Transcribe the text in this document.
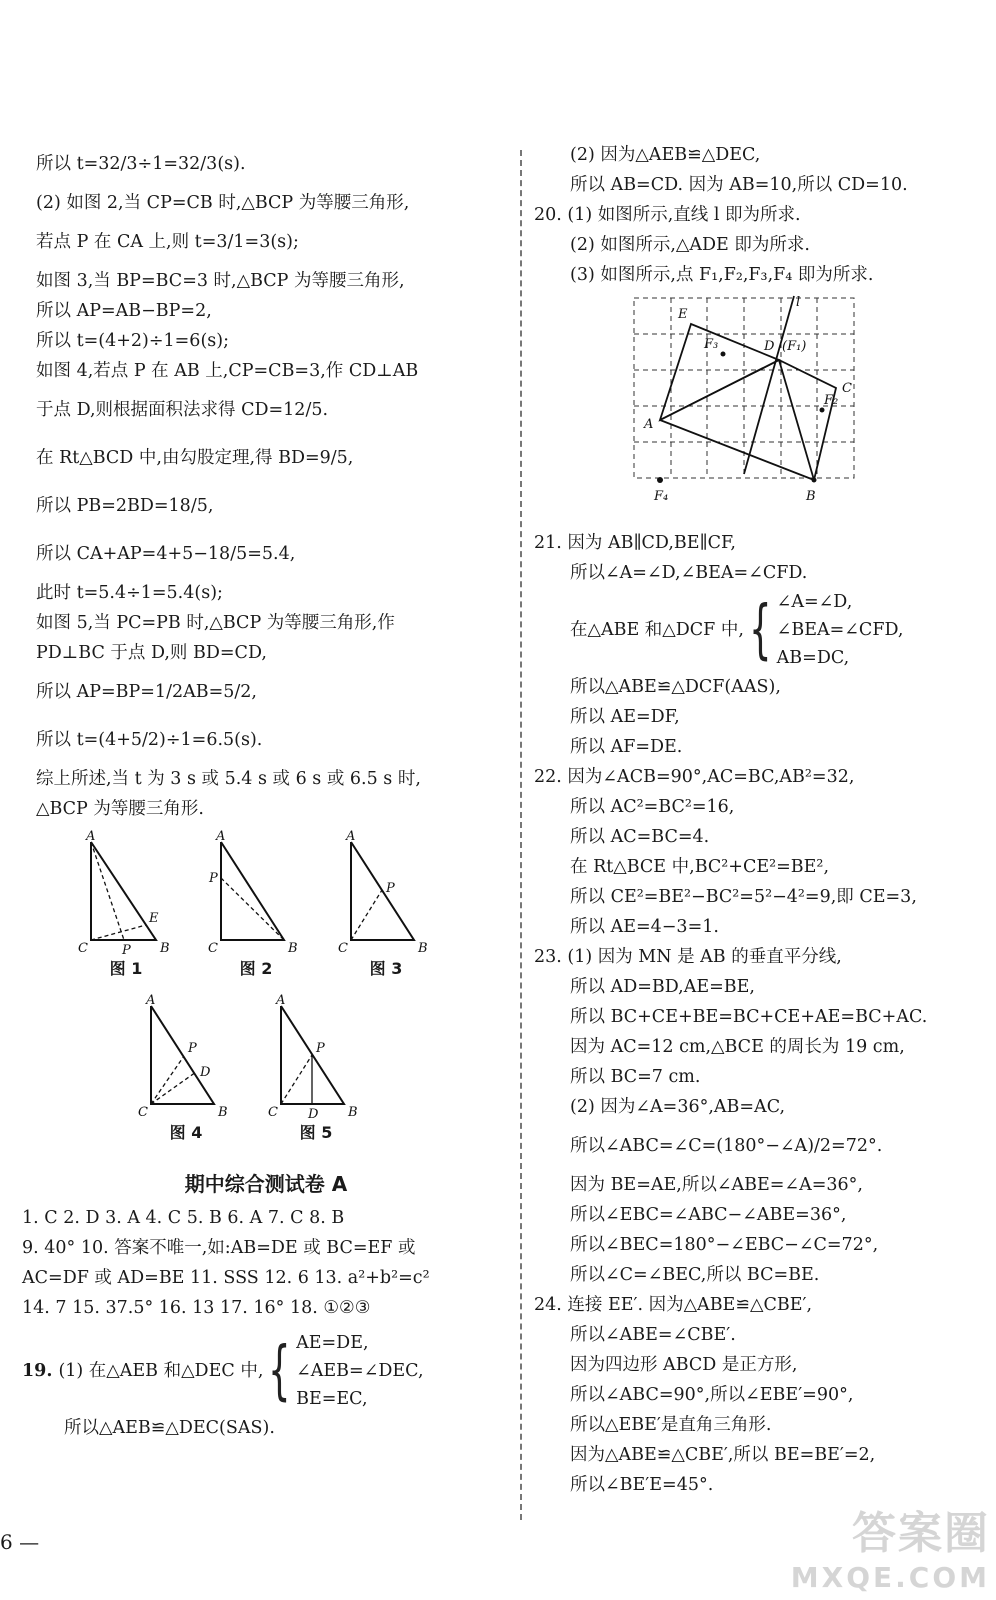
所以 t=32/3÷1=32/3(s).
(2) 如图 2,当 CP=CB 时,△BCP 为等腰三角形,
若点 P 在 CA 上,则 t=3/1=3(s);
如图 3,当 BP=BC=3 时,△BCP 为等腰三角形,
所以 AP=AB−BP=2,
所以 t=(4+2)÷1=6(s);
如图 4,若点 P 在 AB 上,CP=CB=3,作 CD⊥AB
于点 D,则根据面积法求得 CD=12/5.
在 Rt△BCD 中,由勾股定理,得 BD=9/5,
所以 PB=2BD=18/5,
所以 CA+AP=4+5−18/5=5.4,
此时 t=5.4÷1=5.4(s);
如图 5,当 PC=PB 时,△BCP 为等腰三角形,作
PD⊥BC 于点 D,则 BD=CD,
所以 AP=BP=1/2AB=5/2,
所以 t=(4+5/2)÷1=6.5(s).
综上所述,当 t 为 3 s 或 5.4 s 或 6 s 或 6.5 s 时,
△BCP 为等腰三角形.
A
C	P B
E
图 1
A
C
P
B
图 2
A
C
P
B
图 3
A
C
P
D
B
图 4
A
C
P
D B
图 5
期中综合测试卷 A
1. C 2. D 3. A 4. C 5. B 6. A 7. C 8. B
9. 40° 10. 答案不唯一,如:AB=DE 或 BC=EF 或
AC=DF 或 AD=BE 11. SSS 12. 6 13. a²+b²=c²
14. 7 15. 37.5° 16. 13 17. 16° 18. ①②③
19. (1) 在△AEB 和△DEC 中, { AE=DE,
∠AEB=∠DEC,
BE=EC,
所以△AEB≌△DEC(SAS).
(2) 因为△AEB≌△DEC,
所以 AB=CD. 因为 AB=10,所以 CD=10.
20. (1) 如图所示,直线 l 即为所求.
(2) 如图所示,△ADE 即为所求.
(3) 如图所示,点 F₁,F₂,F₃,F₄ 即为所求.
E
D
C
A
B
(F₁)
F₂
F₃
F₄
l
21. 因为 AB∥CD,BE∥CF,
所以∠A=∠D,∠BEA=∠CFD.
在△ABE 和△DCF 中, { ∠A=∠D,
∠BEA=∠CFD,
AB=DC,
所以△ABE≌△DCF(AAS),
所以 AE=DF,
所以 AF=DE.
22. 因为∠ACB=90°,AC=BC,AB²=32,
所以 AC²=BC²=16,
所以 AC=BC=4.
在 Rt△BCE 中,BC²+CE²=BE²,
所以 CE²=BE²−BC²=5²−4²=9,即 CE=3,
所以 AE=4−3=1.
23. (1) 因为 MN 是 AB 的垂直平分线,
所以 AD=BD,AE=BE,
所以 BC+CE+BE=BC+CE+AE=BC+AC.
因为 AC=12 cm,△BCE 的周长为 19 cm,
所以 BC=7 cm.
(2) 因为∠A=36°,AB=AC,
所以∠ABC=∠C=(180°−∠A)/2=72°.
因为 BE=AE,所以∠ABE=∠A=36°,
所以∠EBC=∠ABC−∠ABE=36°,
所以∠BEC=180°−∠EBC−∠C=72°,
所以∠C=∠BEC,所以 BC=BE.
24. 连接 EE′. 因为△ABE≌△CBE′,
所以∠ABE=∠CBE′.
因为四边形 ABCD 是正方形,
所以∠ABC=90°,所以∠EBE′=90°,
所以△EBE′是直角三角形.
因为△ABE≌△CBE′,所以 BE=BE′=2,
所以∠BE′E=45°.
6 —	答案圈
MXQE.COM
